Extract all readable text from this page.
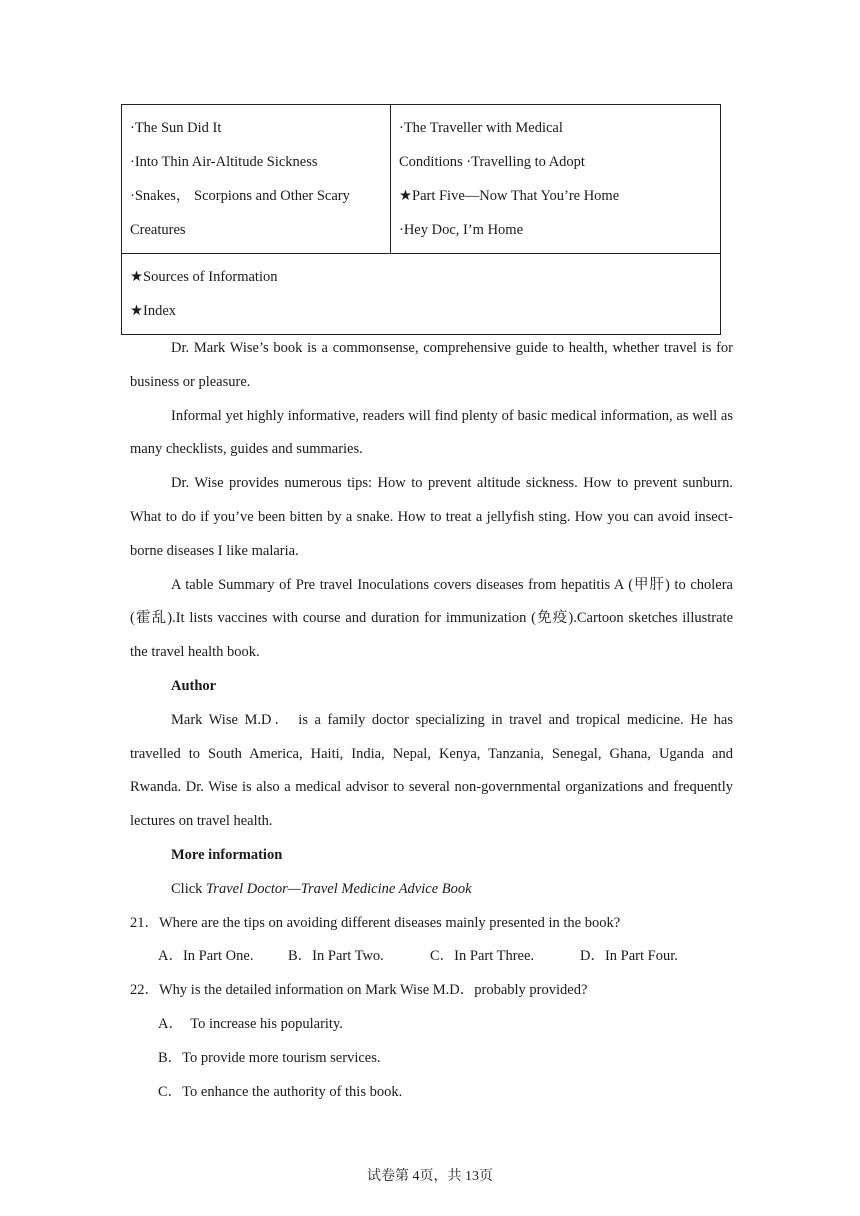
·The Sun Did It
·Into Thin Air-Altitude Sickness
·Snakes， Scorpions and Other Scary
Creatures

·The Traveller with Medical
Conditions ·Travelling to Adopt
★Part Five—Now That You’re Home
·Hey Doc, I’m Home

★Sources of Information
★Index

Dr. Mark Wise’s book is a commonsense, comprehensive guide to health, whether travel is for business or pleasure.

Informal yet highly informative, readers will find plenty of basic medical information, as well as many checklists, guides and summaries.

Dr. Wise provides numerous tips: How to prevent altitude sickness. How to prevent sunburn. What to do if you’ve been bitten by a snake. How to treat a jellyfish sting. How you can avoid insect-borne diseases I like malaria.

A table Summary of Pre travel Inoculations covers diseases from hepatitis A (甲肝) to cholera (霍乱).It lists vaccines with course and duration for immunization (免疫).Cartoon sketches illustrate the travel health book.

Author

Mark Wise M.D． is a family doctor specializing in travel and tropical medicine. He has travelled to South America, Haiti, India, Nepal, Kenya, Tanzania, Senegal, Ghana, Uganda and Rwanda. Dr. Wise is also a medical advisor to several non-governmental organizations and frequently lectures on travel health.

More information

Click Travel Doctor—Travel Medicine Advice Book

21．Where are the tips on avoiding different diseases mainly presented in the book?

A．In Part One. B．In Part Two.	C．In Part Three.	D．In Part Four.

22．Why is the detailed information on Mark Wise M.D．probably provided?

A．　To increase his popularity.

B．To provide more tourism services.

C．To enhance the authority of this book.

试卷第 4页，共 13页
